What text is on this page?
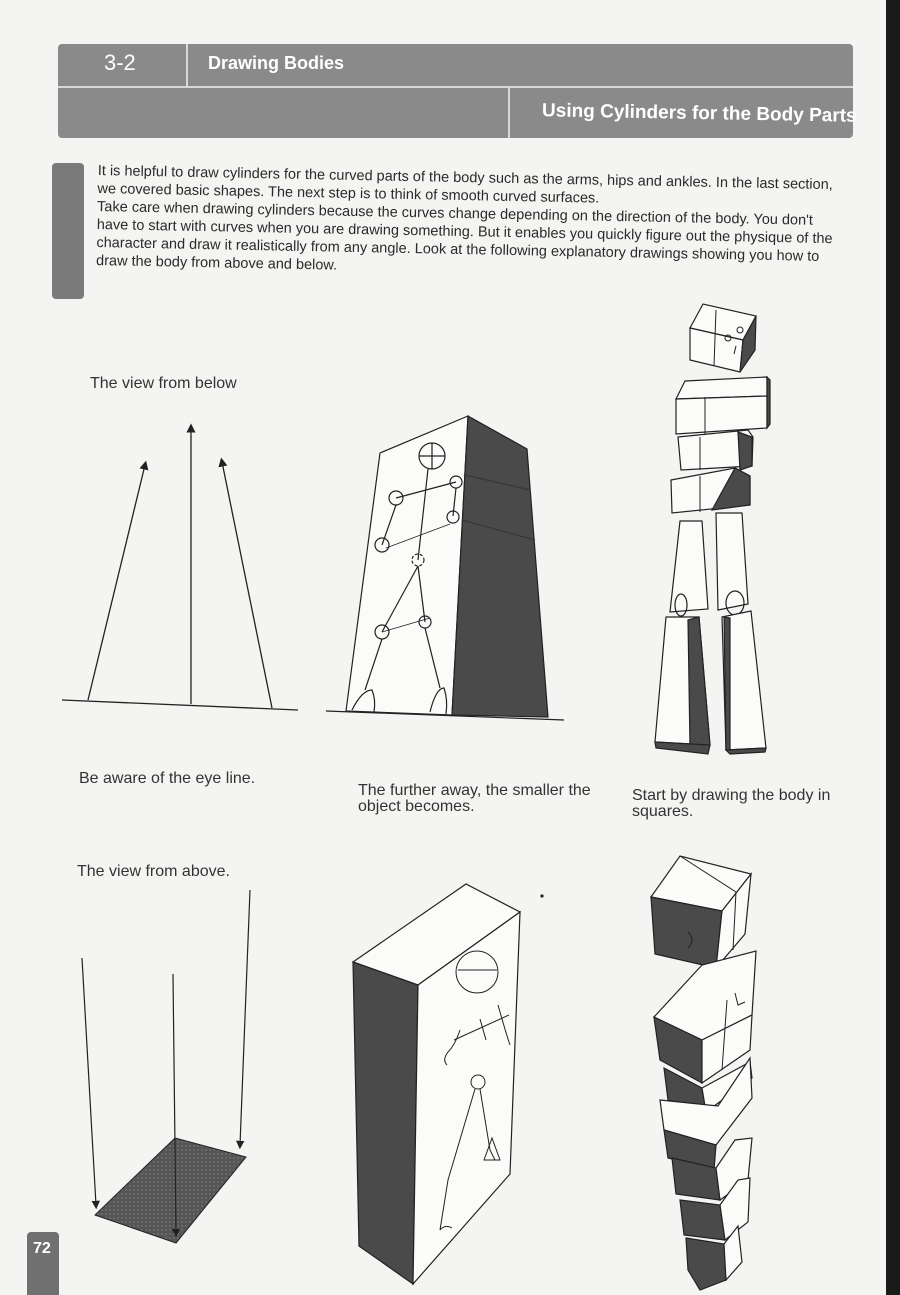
3-2	Drawing Bodies
Using Cylinders for the Body Parts

It is helpful to draw cylinders for the curved parts of the body such as the arms, hips and ankles. In the last section, we covered basic shapes. The next step is to think of smooth curved surfaces.

Take care when drawing cylinders because the curves change depending on the direction of the body. You don't have to start with curves when you are drawing something. But it enables you quickly figure out the physique of the character and draw it realistically from any angle. Look at the following explanatory drawings showing you how to draw the body from above and below.

The view from below
The view from above.
Be aware of the eye line.
The further away, the smaller the object becomes.
Start by drawing the body in squares.
72
